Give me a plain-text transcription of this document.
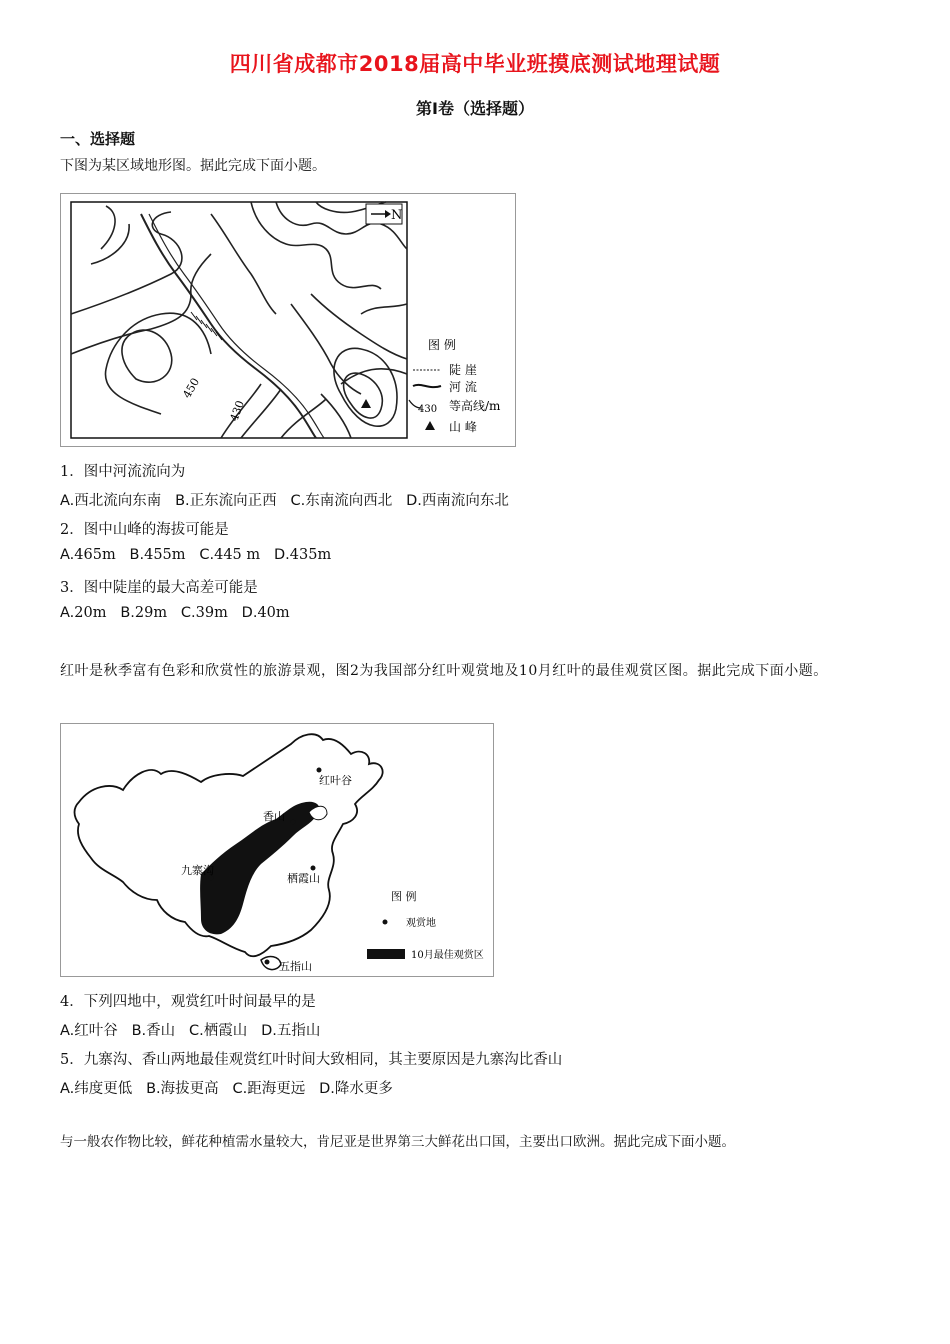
四川省成都市2018届高中毕业班摸底测试地理试题
第Ⅰ卷（选择题）
一、选择题
下图为某区域地形图。据此完成下面小题。
450
430
N
图 例
陡 崖
河 流
430 等高线/m
山 峰
1．图中河流流向为
A.西北流向东南 B.正东流向正西 C.东南流向西北 D.西南流向东北
2．图中山峰的海拔可能是
A.465m B.455m C.445 m D.435m
3．图中陡崖的最大高差可能是
A.20m B.29m C.39m D.40m
红叶是秋季富有色彩和欣赏性的旅游景观，图2为我国部分红叶观赏地及10月红叶的最佳观赏区图。据此完成下面小题。
红叶谷
香山
九寨沟
栖霞山
五指山
图 例
观赏地
10月最佳观赏区
4．下列四地中，观赏红叶时间最早的是
A.红叶谷 B.香山 C.栖霞山 D.五指山
5．九寨沟、香山两地最佳观赏红叶时间大致相同，其主要原因是九寨沟比香山
A.纬度更低 B.海拔更高 C.距海更远 D.降水更多
与一般农作物比较，鲜花种植需水量较大，肯尼亚是世界第三大鲜花出口国，主要出口欧洲。据此完成下面小题。
